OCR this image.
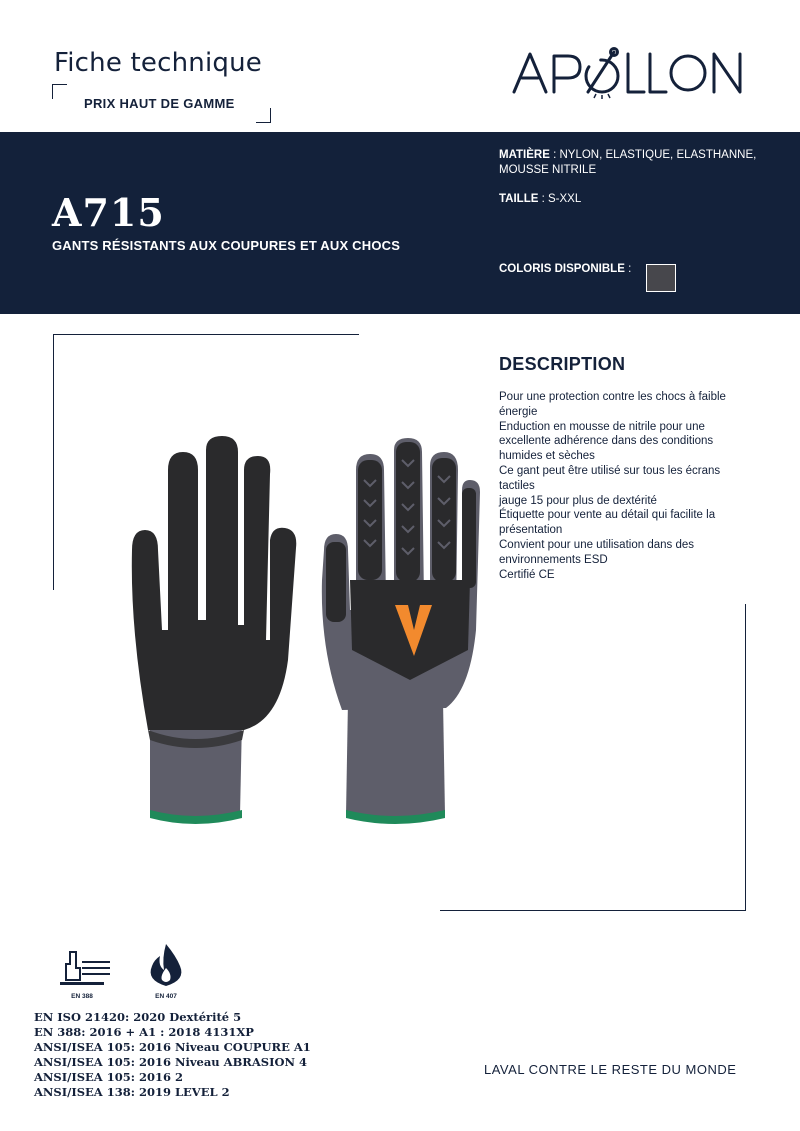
Fiche technique
PRIX HAUT DE GAMME
A715
GANTS RÉSISTANTS AUX COUPURES ET AUX CHOCS
MATIÈRE : NYLON, ELASTIQUE, ELASTHANNE, MOUSSE NITRILE
TAILLE : S-XXL
COLORIS DISPONIBLE :
DESCRIPTION
Pour une protection contre les chocs à faible énergie
Enduction en mousse de nitrile pour une excellente adhérence dans des conditions humides et sèches
Ce gant peut être utilisé sur tous les écrans tactiles
jauge 15 pour plus de dextérité
Étiquette pour vente au détail qui facilite la présentation
Convient pour une utilisation dans des environnements ESD
Certifié CE
EN 388	EN 407
EN ISO 21420: 2020 Dextérité 5
EN 388: 2016 + A1 : 2018 4131XP
ANSI/ISEA 105: 2016 Niveau COUPURE A1
ANSI/ISEA 105: 2016 Niveau ABRASION 4
ANSI/ISEA 105: 2016 2
ANSI/ISEA 138: 2019 LEVEL 2
LAVAL CONTRE LE RESTE DU MONDE
